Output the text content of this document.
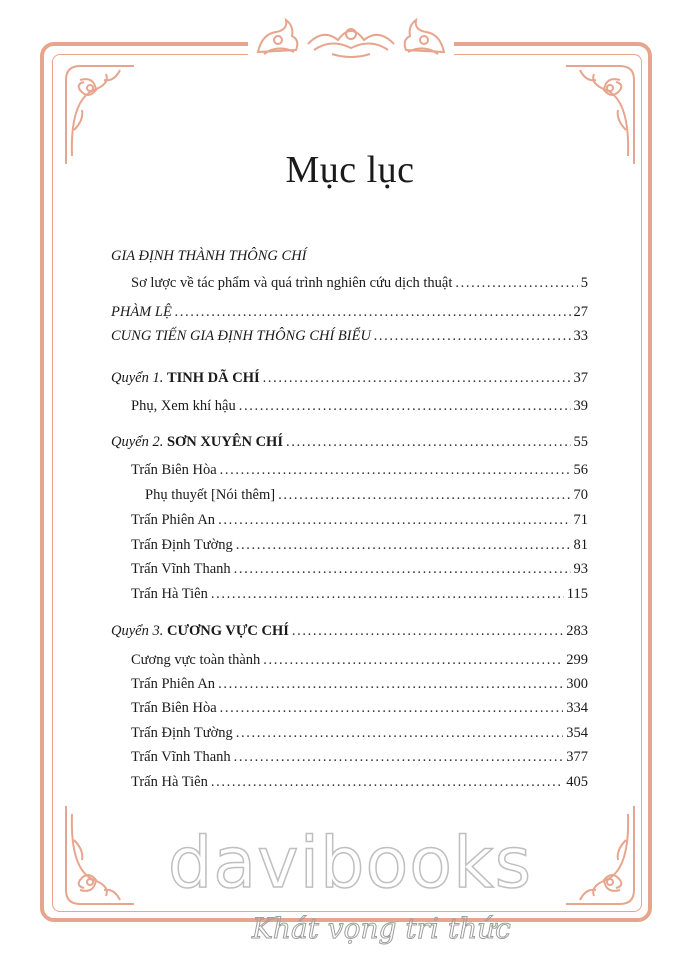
Mục lục
GIA ĐỊNH THÀNH THÔNG CHÍ
Sơ lược về tác phẩm và quá trình nghiên cứu dịch thuật . . .	5
PHÀM LỆ . . .	27
CUNG TIẾN GIA ĐỊNH THÔNG CHÍ BIỂU . . .	33
Quyển 1. TINH DÃ CHÍ . . .	37
Phụ, Xem khí hậu . . .	39
Quyển 2. SƠN XUYÊN CHÍ . . .	55
Trấn Biên Hòa . . .	56
Phụ thuyết [Nói thêm] . . .	70
Trấn Phiên An . . .	71
Trấn Định Tường . . .	81
Trấn Vĩnh Thanh . . .	93
Trấn Hà Tiên . . .	115
Quyển 3. CƯƠNG VỰC CHÍ . . .	283
Cương vực toàn thành . . .	299
Trấn Phiên An . . .	300
Trấn Biên Hòa . . .	334
Trấn Định Tường . . .	354
Trấn Vĩnh Thanh . . .	377
Trấn Hà Tiên . . .	405
davibooks
Khát vọng tri thức
